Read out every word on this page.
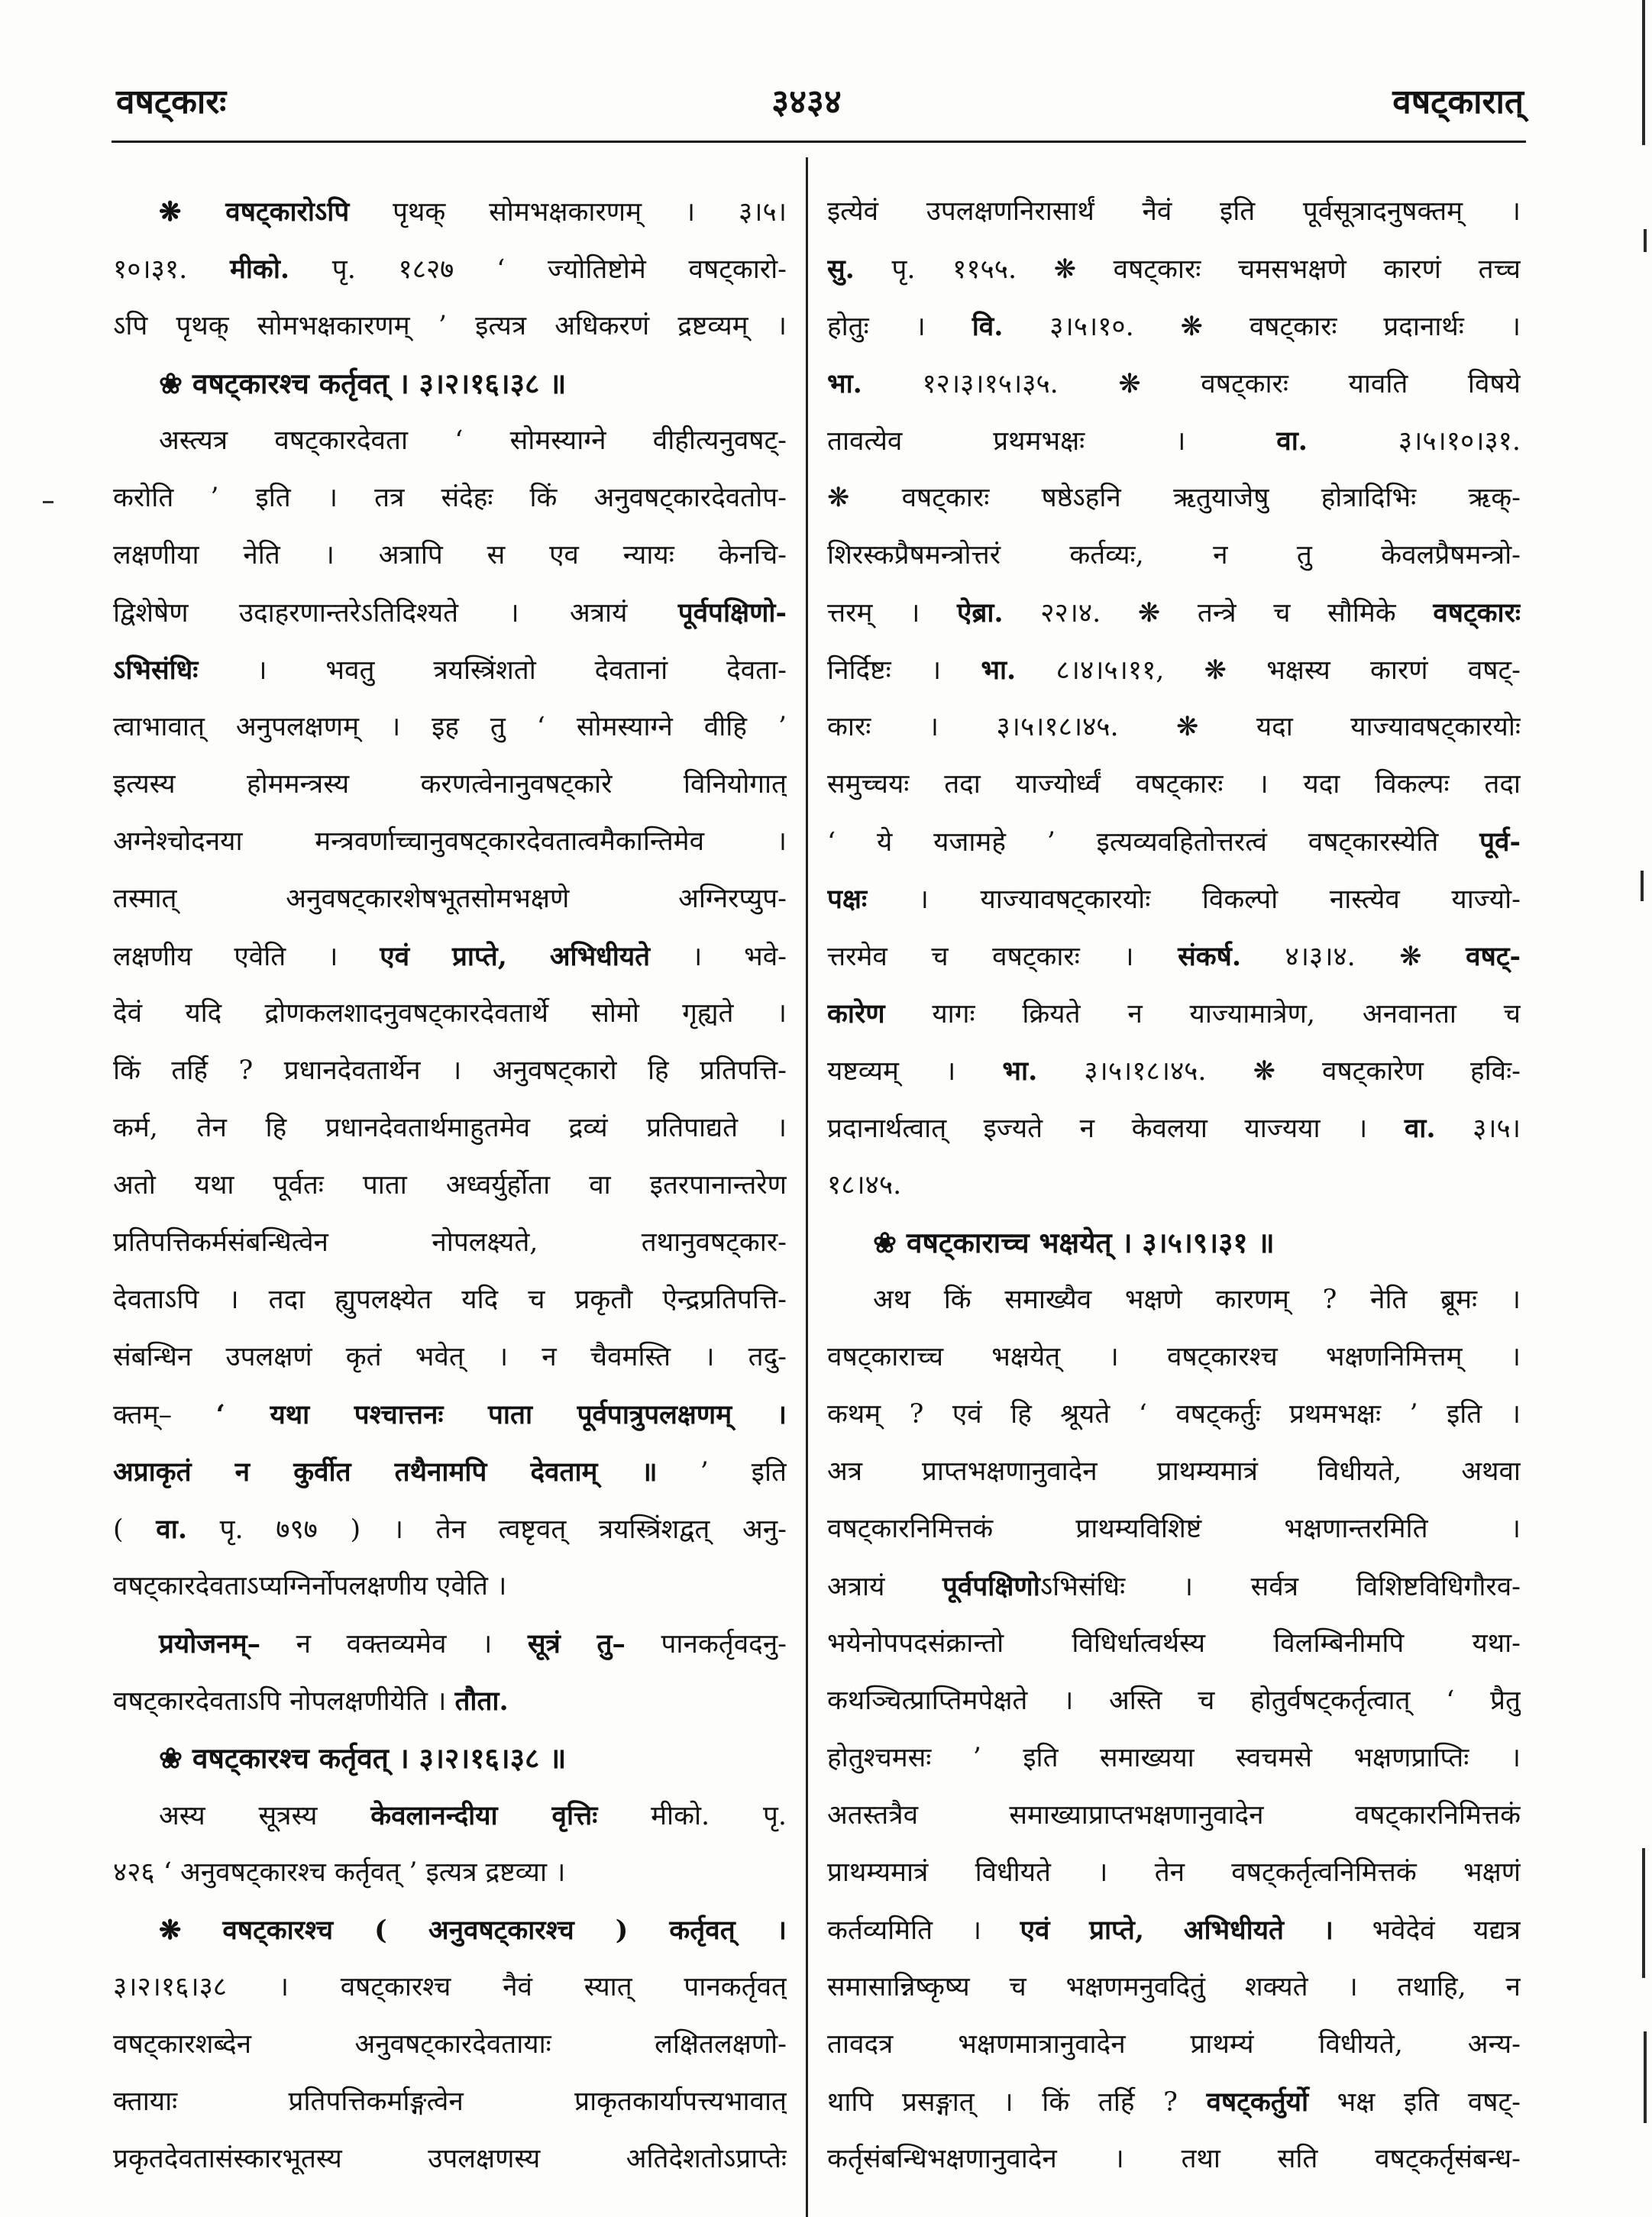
वषट्कारः	३४३४	वषट्कारात्
❋ वषट्कारोऽपि पृथक् सोमभक्षकारणम् । ३।५।
१०।३१. मीको. पृ. १८२७ ‘ ज्योतिष्टोमे वषट्कारो-
ऽपि पृथक् सोमभक्षकारणम् ’ इत्यत्र अधिकरणं द्रष्टव्यम् ।
❀ वषट्कारश्च कर्तृवत् । ३।२।१६।३८ ॥
अस्त्यत्र वषट्कारदेवता ‘ सोमस्याग्ने वीहीत्यनुवषट्-
करोति ’ इति । तत्र संदेहः किं अनुवषट्कारदेवतोप-
लक्षणीया नेति । अत्रापि स एव न्यायः केनचि-
द्विशेषेण उदाहरणान्तरेऽतिदिश्यते । अत्रायं पूर्वपक्षिणो-
ऽभिसंधिः । भवतु त्रयस्त्रिंशतो देवतानां देवता-
त्वाभावात् अनुपलक्षणम् । इह तु ‘ सोमस्याग्ने वीहि ’
इत्यस्य होममन्त्रस्य करणत्वेनानुवषट्कारे विनियोगात्
अग्नेश्चोदनया मन्त्रवर्णाच्चानुवषट्कारदेवतात्वमैकान्तिमेव ।
तस्मात् अनुवषट्कारशेषभूतसोमभक्षणे अग्निरप्युप-
लक्षणीय एवेति । एवं प्राप्ते, अभिधीयते । भवे-
देवं यदि द्रोणकलशादनुवषट्कारदेवतार्थे सोमो गृह्यते ।
किं तर्हि ? प्रधानदेवतार्थेन । अनुवषट्कारो हि प्रतिपत्ति-
कर्म, तेन हि प्रधानदेवतार्थमाहुतमेव द्रव्यं प्रतिपाद्यते ।
अतो यथा पूर्वतः पाता अध्वर्युर्होता वा इतरपानान्तरेण
प्रतिपत्तिकर्मसंबन्धित्वेन नोपलक्ष्यते, तथानुवषट्कार-
देवताऽपि । तदा ह्युपलक्ष्येत यदि च प्रकृतौ ऐन्द्रप्रतिपत्ति-
संबन्धिन उपलक्षणं कृतं भवेत् । न चैवमस्ति । तदु-
क्तम्– ‘ यथा पश्चात्तनः पाता पूर्वपात्रुपलक्षणम् ।
अप्राकृतं न कुर्वीत तथैनामपि देवताम् ॥ ’ इति
( वा. पृ. ७९७ ) । तेन त्वष्टृवत् त्रयस्त्रिंशद्वत् अनु-
वषट्कारदेवताऽप्यग्निर्नोपलक्षणीय एवेति ।
प्रयोजनम्– न वक्तव्यमेव । सूत्रं तु– पानकर्तृवदनु-
वषट्कारदेवताऽपि नोपलक्षणीयेति । तौता.
❀ वषट्कारश्च कर्तृवत् । ३।२।१६।३८ ॥
अस्य सूत्रस्य केवलानन्दीया वृत्तिः मीको. पृ.
४२६ ‘ अनुवषट्कारश्च कर्तृवत् ’ इत्यत्र द्रष्टव्या ।
❋ वषट्कारश्च ( अनुवषट्कारश्च ) कर्तृवत् ।
३।२।१६।३८ । वषट्कारश्च नैवं स्यात् पानकर्तृवत्
वषट्कारशब्देन अनुवषट्कारदेवतायाः लक्षितलक्षणो-
क्तायाः प्रतिपत्तिकर्माङ्गत्वेन प्राकृतकार्यापत्त्यभावात्
प्रकृतदेवतासंस्कारभूतस्य उपलक्षणस्य अतिदेशतोऽप्राप्तेः
इत्येवं उपलक्षणनिरासार्थं नैवं इति पूर्वसूत्रादनुषक्तम् ।
सु. पृ. ११५५. ❋ वषट्कारः चमसभक्षणे कारणं तच्च
होतुः । वि. ३।५।१०. ❋ वषट्कारः प्रदानार्थः ।
भा. १२।३।१५।३५. ❋ वषट्कारः यावति विषये
तावत्येव प्रथमभक्षः । वा. ३।५।१०।३१.
❋ वषट्कारः षष्ठेऽहनि ऋतुयाजेषु होत्रादिभिः ऋक्-
शिरस्कप्रैषमन्त्रोत्तरं कर्तव्यः, न तु केवलप्रैषमन्त्रो-
त्तरम् । ऐब्रा. २२।४. ❋ तन्त्रे च सौमिके वषट्कारः
निर्दिष्टः । भा. ८।४।५।११, ❋ भक्षस्य कारणं वषट्-
कारः । ३।५।१८।४५. ❋ यदा याज्यावषट्कारयोः
समुच्चयः तदा याज्योर्ध्वं वषट्कारः । यदा विकल्पः तदा
‘ ये यजामहे ’ इत्यव्यवहितोत्तरत्वं वषट्कारस्येति पूर्व-
पक्षः । याज्यावषट्कारयोः विकल्पो नास्त्येव याज्यो-
त्तरमेव च वषट्कारः । संकर्ष. ४।३।४. ❋ वषट्-
कारेण यागः क्रियते न याज्यामात्रेण, अनवानता च
यष्टव्यम् । भा. ३।५।१८।४५. ❋ वषट्कारेण हविः-
प्रदानार्थत्वात् इज्यते न केवलया याज्यया । वा. ३।५।
१८।४५.
❀ वषट्काराच्च भक्षयेत् । ३।५।९।३१ ॥
अथ किं समाख्यैव भक्षणे कारणम् ? नेति ब्रूमः ।
वषट्काराच्च भक्षयेत् । वषट्कारश्च भक्षणनिमित्तम् ।
कथम् ? एवं हि श्रूयते ‘ वषट्कर्तुः प्रथमभक्षः ’ इति ।
अत्र प्राप्तभक्षणानुवादेन प्राथम्यमात्रं विधीयते, अथवा
वषट्कारनिमित्तकं प्राथम्यविशिष्टं भक्षणान्तरमिति ।
अत्रायं पूर्वपक्षिणोऽभिसंधिः । सर्वत्र विशिष्टविधिगौरव-
भयेनोपपदसंक्रान्तो विधिर्धात्वर्थस्य विलम्बिनीमपि यथा-
कथञ्चित्प्राप्तिमपेक्षते । अस्ति च होतुर्वषट्कर्तृत्वात् ‘ प्रैतु
होतुश्चमसः ’ इति समाख्यया स्वचमसे भक्षणप्राप्तिः ।
अतस्तत्रैव समाख्याप्राप्तभक्षणानुवादेन वषट्कारनिमित्तकं
प्राथम्यमात्रं विधीयते । तेन वषट्कर्तृत्वनिमित्तकं भक्षणं
कर्तव्यमिति । एवं प्राप्ते, अभिधीयते । भवेदेवं यद्यत्र
समासान्निष्कृष्य च भक्षणमनुवदितुं शक्यते । तथाहि, न
तावदत्र भक्षणमात्रानुवादेन प्राथम्यं विधीयते, अन्य-
थापि प्रसङ्गात् । किं तर्हि ? वषट्कर्तुर्यो भक्ष इति वषट्-
कर्तृसंबन्धिभक्षणानुवादेन । तथा सति वषट्कर्तृसंबन्ध-
